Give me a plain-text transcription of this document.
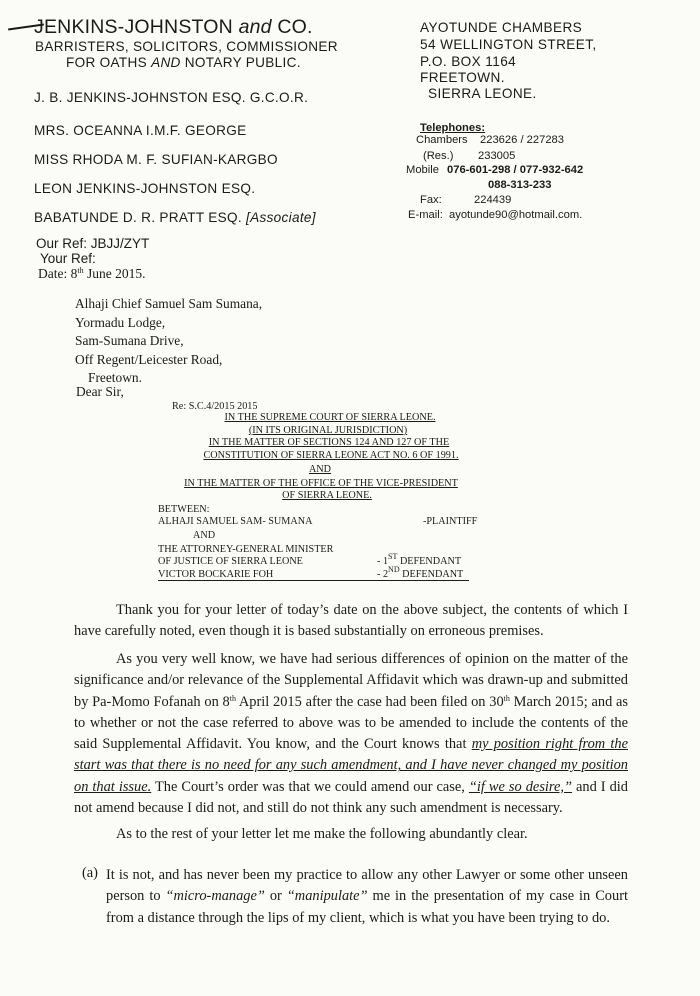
JENKINS-JOHNSTON and CO.
BARRISTERS, SOLICITORS, COMMISSIONER
FOR OATHS AND NOTARY PUBLIC.
J. B. JENKINS-JOHNSTON ESQ. G.C.O.R.
MRS. OCEANNA I.M.F. GEORGE
MISS RHODA M. F. SUFIAN-KARGBO
LEON JENKINS-JOHNSTON ESQ.
BABATUNDE D. R. PRATT ESQ. [Associate]
AYOTUNDE CHAMBERS
54 WELLINGTON STREET,
P.O. BOX 1164
FREETOWN.
SIERRA LEONE.
Telephones:
Chambers 223626 / 227283
(Res.) 233005
Mobile 076-601-298 / 077-932-642
088-313-233
Fax:	224439
E-mail: ayotunde90@hotmail.com.
Our Ref: JBJJ/ZYT
Your Ref:
Date: 8th June 2015.
Alhaji Chief Samuel Sam Sumana,
Yormadu Lodge,
Sam-Sumana Drive,
Off Regent/Leicester Road,
Freetown.
Dear Sir,
Re: S.C.4/2015 2015
IN THE SUPREME COURT OF SIERRA LEONE.
(IN ITS ORIGINAL JURISDICTION)
IN THE MATTER OF SECTIONS 124 AND 127 OF THE
CONSTITUTION OF SIERRA LEONE ACT NO. 6 OF 1991.
AND
IN THE MATTER OF THE OFFICE OF THE VICE-PRESIDENT
OF SIERRA LEONE.
BETWEEN:
ALHAJI SAMUEL SAM- SUMANA	-PLAINTIFF
AND
THE ATTORNEY-GENERAL MINISTER
OF JUSTICE OF SIERRA LEONE	- 1ST DEFENDANT
VICTOR BOCKARIE FOH	- 2ND DEFENDANT
Thank you for your letter of today’s date on the above subject, the contents of which I have carefully noted, even though it is based substantially on erroneous premises.
As you very well know, we have had serious differences of opinion on the matter of the significance and/or relevance of the Supplemental Affidavit which was drawn-up and submitted by Pa-Momo Fofanah on 8th April 2015 after the case had been filed on 30th March 2015; and as to whether or not the case referred to above was to be amended to include the contents of the said Supplemental Affidavit. You know, and the Court knows that my position right from the start was that there is no need for any such amendment, and I have never changed my position on that issue. The Court’s order was that we could amend our case, “if we so desire,” and I did not amend because I did not, and still do not think any such amendment is necessary.
As to the rest of your letter let me make the following abundantly clear.
(a) It is not, and has never been my practice to allow any other Lawyer or some other unseen person to “micro-manage” or “manipulate” me in the presentation of my case in Court from a distance through the lips of my client, which is what you have been trying to do.
